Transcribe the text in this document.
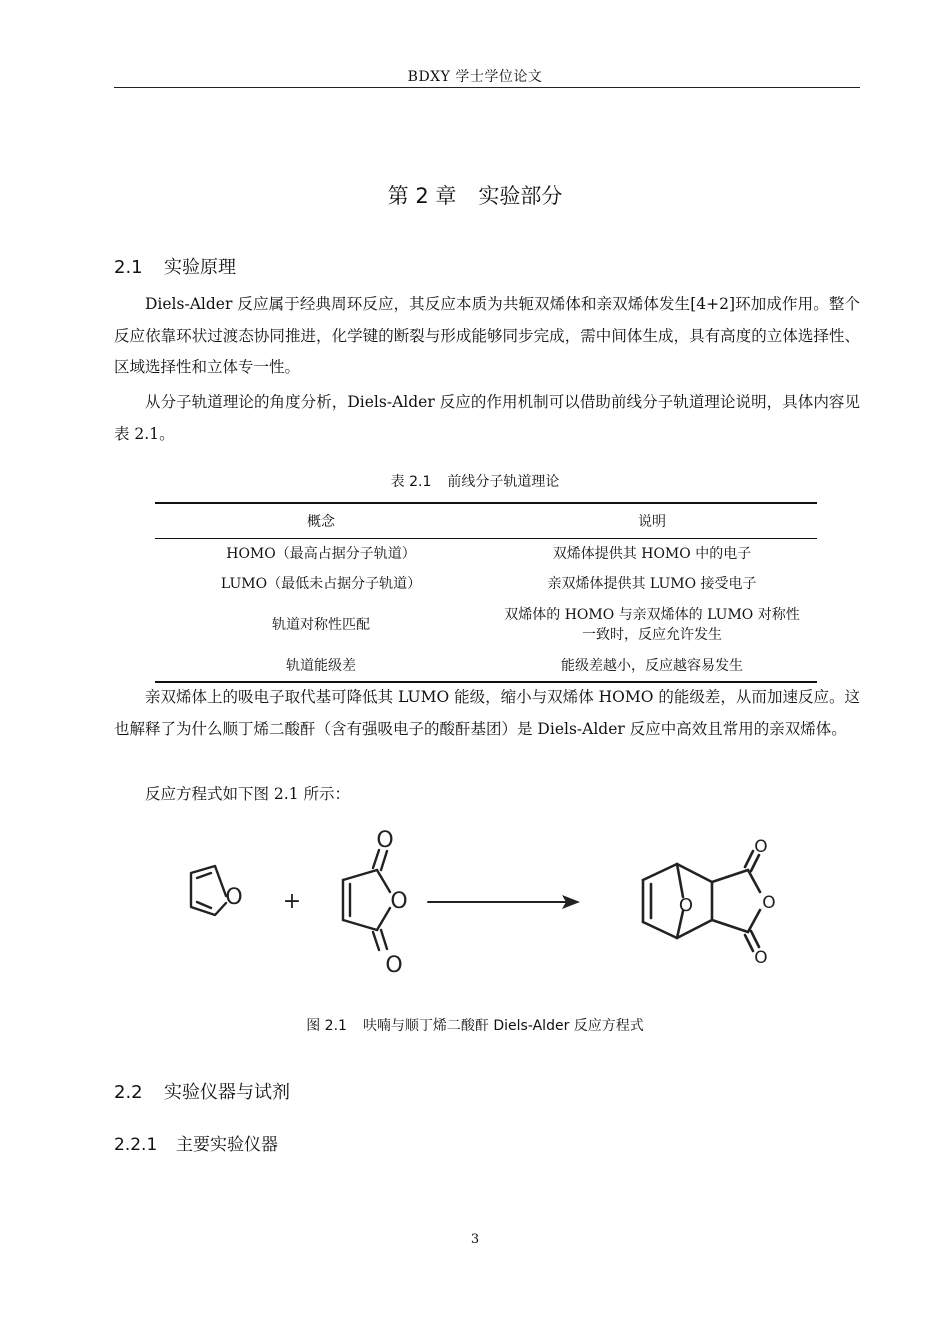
BDXY 学士学位论文
第 2 章 实验部分
2.1 实验原理

Diels-Alder 反应属于经典周环反应，其反应本质为共轭双烯体和亲双烯体发生[4+2]环加成作用。整个反应依靠环状过渡态协同推进，化学键的断裂与形成能够同步完成，需中间体生成，具有高度的立体选择性、区域选择性和立体专一性。

从分子轨道理论的角度分析，Diels-Alder 反应的作用机制可以借助前线分子轨道理论说明，具体内容见表 2.1。

表 2.1 前线分子轨道理论
概念	说明
HOMO（最高占据分子轨道）	双烯体提供其 HOMO 中的电子
LUMO（最低未占据分子轨道）	亲双烯体提供其 LUMO 接受电子
轨道对称性匹配	双烯体的 HOMO 与亲双烯体的 LUMO 对称性一致时，反应允许发生
轨道能级差	能级差越小，反应越容易发生

亲双烯体上的吸电子取代基可降低其 LUMO 能级，缩小与双烯体 HOMO 的能级差，从而加速反应。这也解释了为什么顺丁烯二酸酐（含有强吸电子的酸酐基团）是 Diels-Alder 反应中高效且常用的亲双烯体。

反应方程式如下图 2.1 所示：

O +
O
O
O
O
O
O
O
图 2.1 呋喃与顺丁烯二酸酐 Diels-Alder 反应方程式
2.2 实验仪器与试剂
2.2.1 主要实验仪器
3
